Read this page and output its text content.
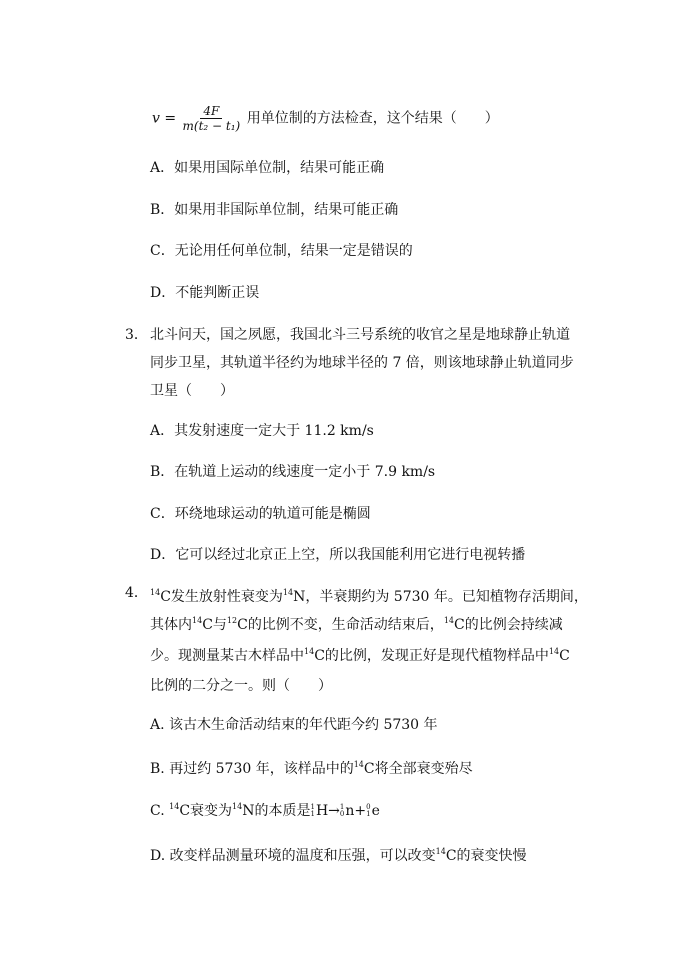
$v = \frac{4F}{\text{m(t₂ − t₁)}}$ 用单位制的方法检查，这个结果（　　）
A．如果用国际单位制，结果可能正确
B．如果用非国际单位制，结果可能正确
C．无论用任何单位制，结果一定是错误的
D．不能判断正误
3． 北斗问天，国之夙愿，我国北斗三号系统的收官之星是地球静止轨道
同步卫星，其轨道半径约为地球半径的 7 倍，则该地球静止轨道同步
卫星（　　）
A．其发射速度一定大于 11.2 km/s
B．在轨道上运动的线速度一定小于 7.9 km/s
C．环绕地球运动的轨道可能是椭圆
D．它可以经过北京正上空，所以我国能利用它进行电视转播
4． $^{14}$C发生放射性衰变为$^{14}$N，半衰期约为 5730 年。已知植物存活期间，
其体内$^{14}$C与$^{12}$C的比例不变，生命活动结束后，$^{14}$C的比例会持续减
少。现测量某古木样品中$^{14}$C的比例，发现正好是现代植物样品中$^{14}$C
比例的二分之一。则（　　）
A. 该古木生命活动结束的年代距今约 5730 年
B. 再过约 5730 年，该样品中的$^{14}$C将全部衰变殆尽
C. $^{14}$C衰变为$^{14}$N的本质是 1
1 H→ 1
0 n+ 0
1 e
D. 改变样品测量环境的温度和压强，可以改变$^{14}$C的衰变快慢
